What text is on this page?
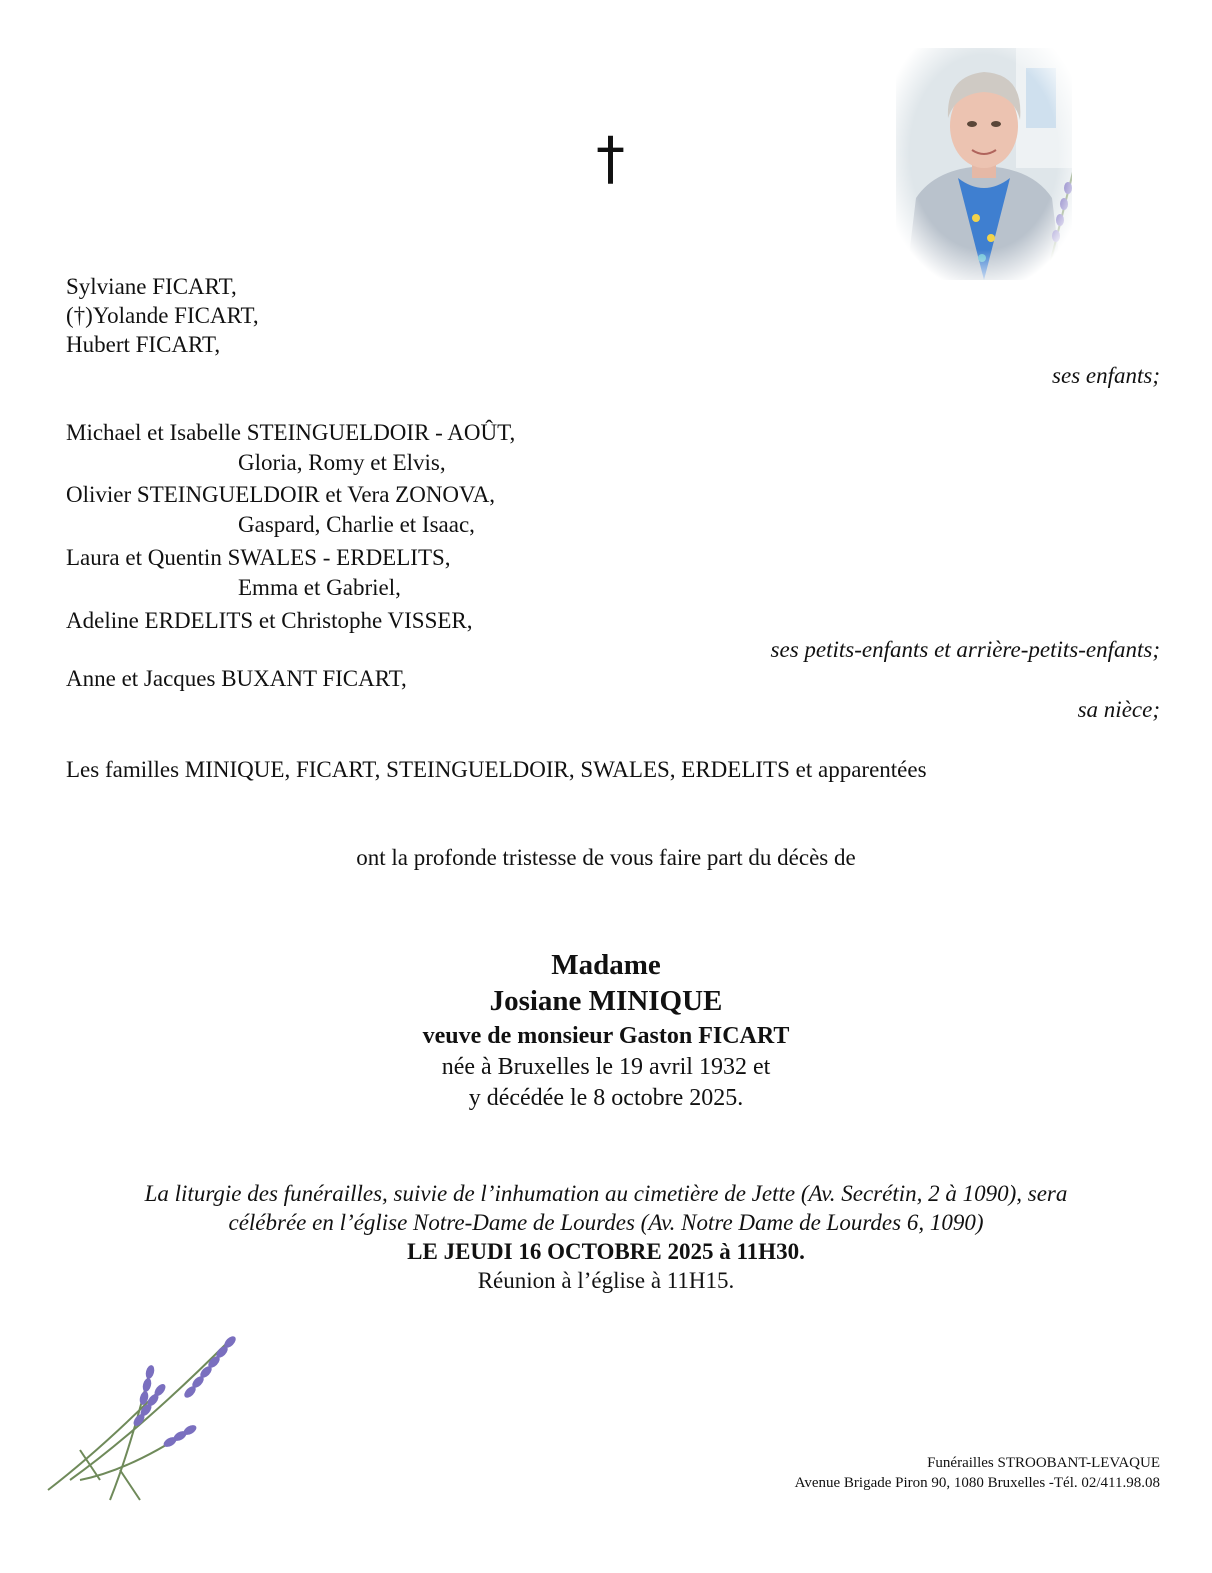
†
Sylviane FICART,
(†)Yolande FICART,
Hubert FICART,
ses enfants;
Michael et Isabelle STEINGUELDOIR - AOÛT,
Gloria, Romy et Elvis,
Olivier STEINGUELDOIR et Vera ZONOVA,
Gaspard, Charlie et Isaac,
Laura et Quentin SWALES - ERDELITS,
Emma et Gabriel,
Adeline ERDELITS et Christophe VISSER,
ses petits-enfants et arrière-petits-enfants;
Anne et Jacques BUXANT FICART,
sa nièce;
Les familles MINIQUE, FICART, STEINGUELDOIR, SWALES, ERDELITS et apparentées
ont la profonde tristesse de vous faire part du décès de
Madame
Josiane MINIQUE
veuve de monsieur Gaston FICART
née à Bruxelles le 19 avril 1932 et
y décédée le 8 octobre 2025.
La liturgie des funérailles, suivie de l’inhumation au cimetière de Jette (Av. Secrétin, 2 à 1090), sera
célébrée en l’église Notre-Dame de Lourdes (Av. Notre Dame de Lourdes 6, 1090)
LE JEUDI 16 OCTOBRE 2025 à 11H30.
Réunion à l’église à 11H15.
Funérailles STROOBANT-LEVAQUE
Avenue Brigade Piron 90, 1080 Bruxelles -Tél. 02/411.98.08
